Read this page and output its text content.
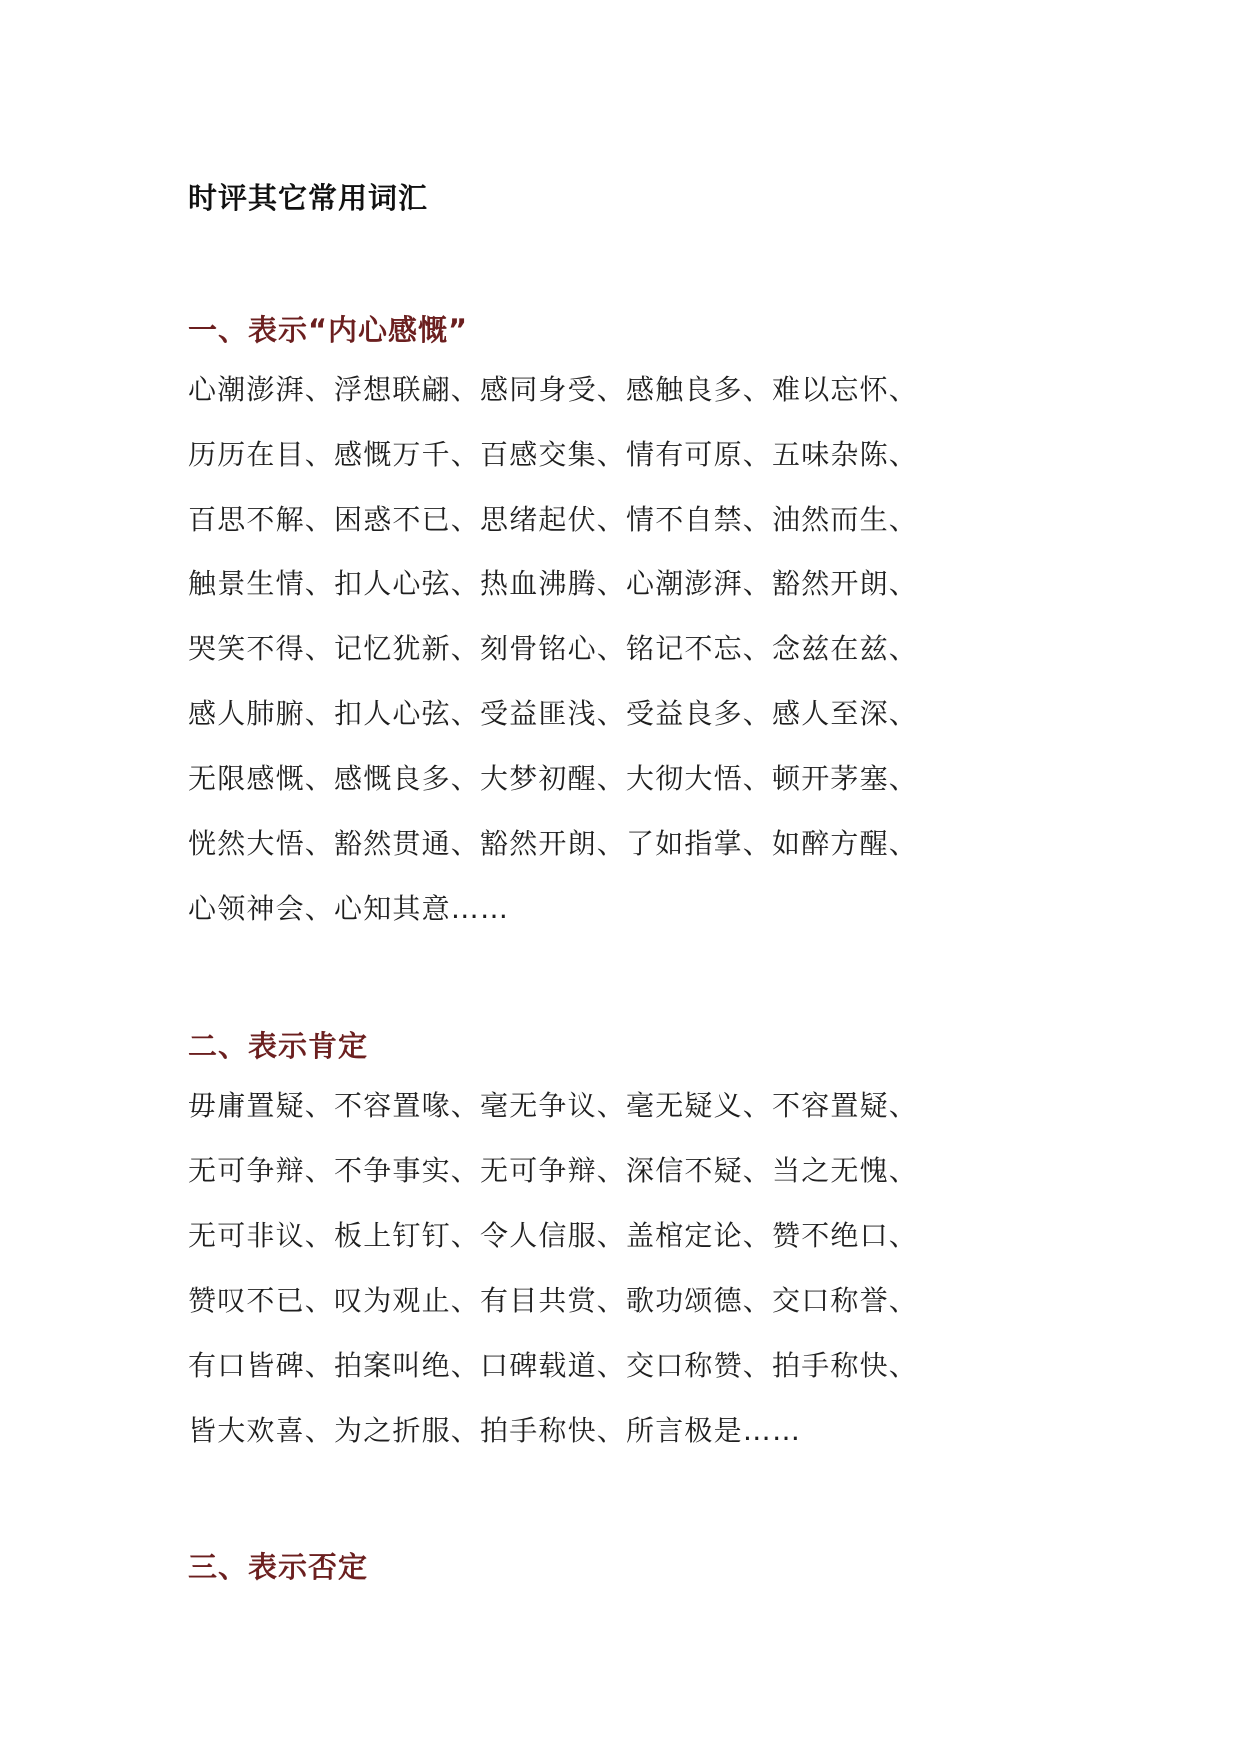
时评其它常用词汇
一、表示“内心感慨”
心潮澎湃、浮想联翩、感同身受、感触良多、难以忘怀、
历历在目、感慨万千、百感交集、情有可原、五味杂陈、
百思不解、困惑不已、思绪起伏、情不自禁、油然而生、
触景生情、扣人心弦、热血沸腾、心潮澎湃、豁然开朗、
哭笑不得、记忆犹新、刻骨铭心、铭记不忘、念兹在兹、
感人肺腑、扣人心弦、受益匪浅、受益良多、感人至深、
无限感慨、感慨良多、大梦初醒、大彻大悟、顿开茅塞、
恍然大悟、豁然贯通、豁然开朗、了如指掌、如醉方醒、
心领神会、心知其意……
二、表示肯定
毋庸置疑、不容置喙、毫无争议、毫无疑义、不容置疑、
无可争辩、不争事实、无可争辩、深信不疑、当之无愧、
无可非议、板上钉钉、令人信服、盖棺定论、赞不绝口、
赞叹不已、叹为观止、有目共赏、歌功颂德、交口称誉、
有口皆碑、拍案叫绝、口碑载道、交口称赞、拍手称快、
皆大欢喜、为之折服、拍手称快、所言极是……
三、表示否定
